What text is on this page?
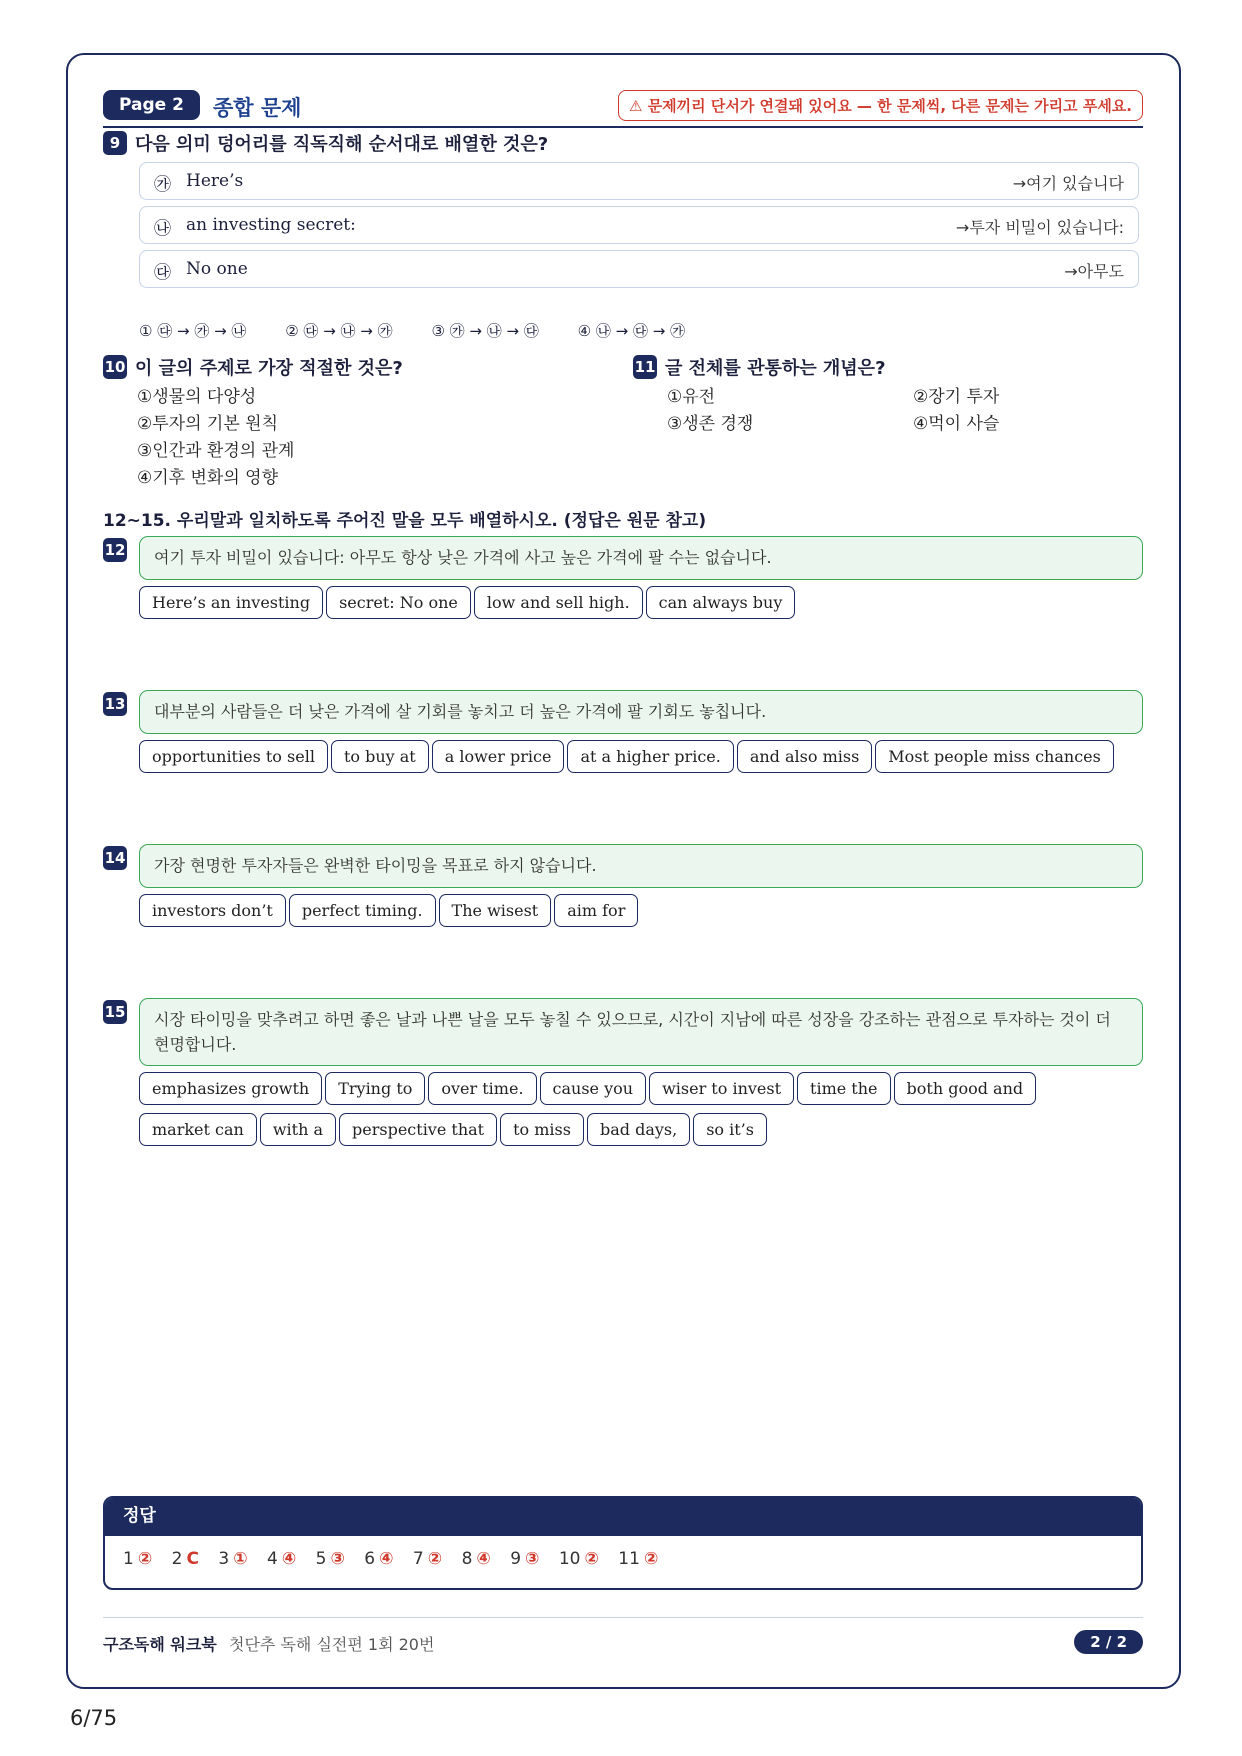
Page 2	종합 문제	⚠ 문제끼리 단서가 연결돼 있어요 — 한 문제씩, 다른 문제는 가리고 푸세요.
9 다음 의미 덩어리를 직독직해 순서대로 배열한 것은?
㉮ Here’s	→여기 있습니다
㉯ an investing secret:	→투자 비밀이 있습니다:
㉰ No one	→아무도
① ㉰ → ㉮ → ㉯	② ㉰ → ㉯ → ㉮	③ ㉮ → ㉯ → ㉰	④ ㉯ → ㉰ → ㉮
10 이 글의 주제로 가장 적절한 것은?
①생물의 다양성
②투자의 기본 원칙
③인간과 환경의 관계
④기후 변화의 영향
11 글 전체를 관통하는 개념은?
①유전
③생존 경쟁
②장기 투자
④먹이 사슬
12~15. 우리말과 일치하도록 주어진 말을 모두 배열하시오. (정답은 원문 참고)
12	여기 투자 비밀이 있습니다: 아무도 항상 낮은 가격에 사고 높은 가격에 팔 수는 없습니다.
Here’s an investing secret: No one low and sell high. can always buy
13	대부분의 사람들은 더 낮은 가격에 살 기회를 놓치고 더 높은 가격에 팔 기회도 놓칩니다.
opportunities to sell to buy at a lower price at a higher price. and also miss Most people miss chances
14	가장 현명한 투자자들은 완벽한 타이밍을 목표로 하지 않습니다.
investors don’t perfect timing. The wisest aim for
15	시장 타이밍을 맞추려고 하면 좋은 날과 나쁜 날을 모두 놓칠 수 있으므로, 시간이 지남에 따른 성장을 강조하는 관점으로 투자하는 것이 더 현명합니다.
emphasizes growth Trying to over time. cause you wiser to invest time the both good and
market can with a perspective that to miss bad days, so it’s
정답
1 ② 2 C 3 ① 4 ④ 5 ③ 6 ④ 7 ② 8 ④ 9 ③ 10 ② 11 ②
구조독해 워크북 첫단추 독해 실전편 1회 20번	2 / 2
6/75
